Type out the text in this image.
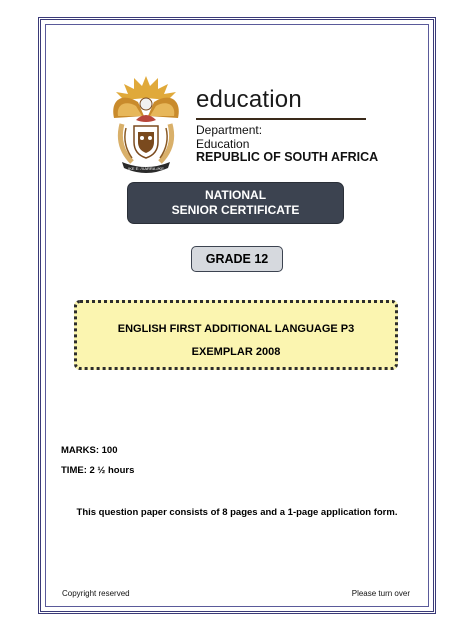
!KE E: /XARRA //KE
education
Department:
Education
REPUBLIC OF SOUTH AFRICA
NATIONAL
SENIOR CERTIFICATE
GRADE 12
ENGLISH FIRST ADDITIONAL LANGUAGE P3
EXEMPLAR 2008
MARKS: 100
TIME: 2 ½ hours
This question paper consists of 8 pages and a 1-page application form.
Copyright reserved	Please turn over
